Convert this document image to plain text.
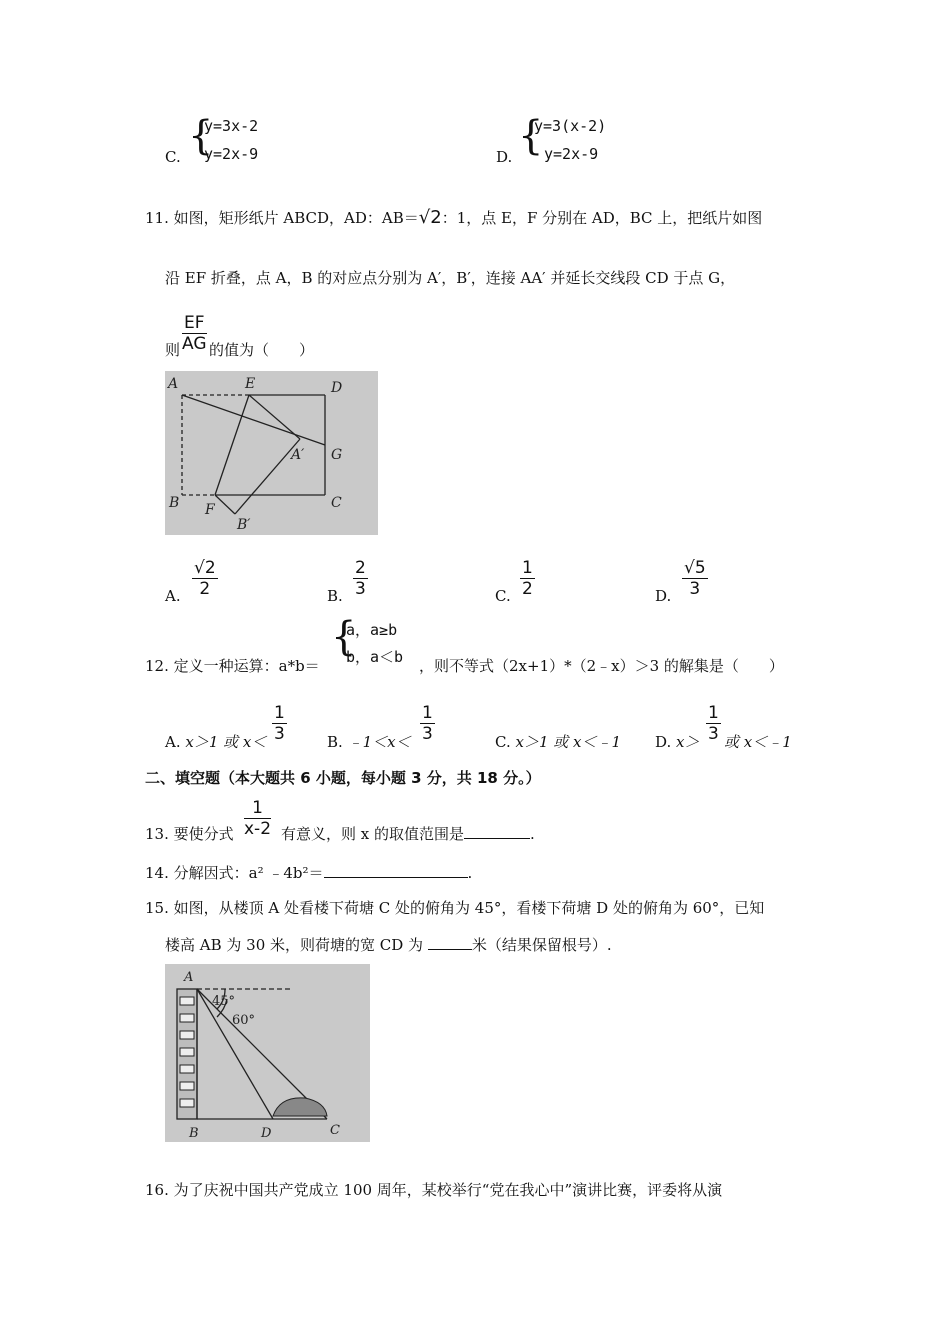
C. {
y=3x-2
y=2x-9	D. {
y=3(x-2)
y=2x-9
11. 如图，矩形纸片 ABCD，AD：AB＝√2：1，点 E，F 分别在 AD，BC 上，把纸片如图
沿 EF 折叠，点 A，B 的对应点分别为 A′，B′，连接 AA′ 并延长交线段 CD 于点 G，
则 $\frac{EF}{AG}$ 的值为（　　）
A	E	D
A′ G
B F
B′
C
A. $\frac{√2}{2}$	B. $\frac{2}{3}$	C. $\frac{1}{2}$	D. $\frac{√5}{3}$
12. 定义一种运算：a*b＝
{
a，a≥b
b，a＜b ，则不等式（2x+1）*（2﹣x）＞3 的解集是（　　）
A. x＞1 或 $x< \frac{1}{3}$	B. ﹣1＜x＜ $\frac{1}{3}$	C. x＞1 或 x＜﹣1 D. $x> \frac{1}{3}$ 或 x＜﹣1
二、填空题（本大题共 6 小题，每小题 3 分，共 18 分。）
13. 要使分式 $\frac{1}{x-2}$ 有意义，则 x 的取值范围是	.
14. 分解因式：a² ﹣4b²＝	.
15. 如图，从楼顶 A 处看楼下荷塘 C 处的俯角为 45°，看楼下荷塘 D 处的俯角为 60°，已知
楼高 AB 为 30 米，则荷塘的宽 CD 为	米（结果保留根号）.
A
45°
60°
B	D	C
16. 为了庆祝中国共产党成立 100 周年，某校举行“党在我心中”演讲比赛，评委将从演
